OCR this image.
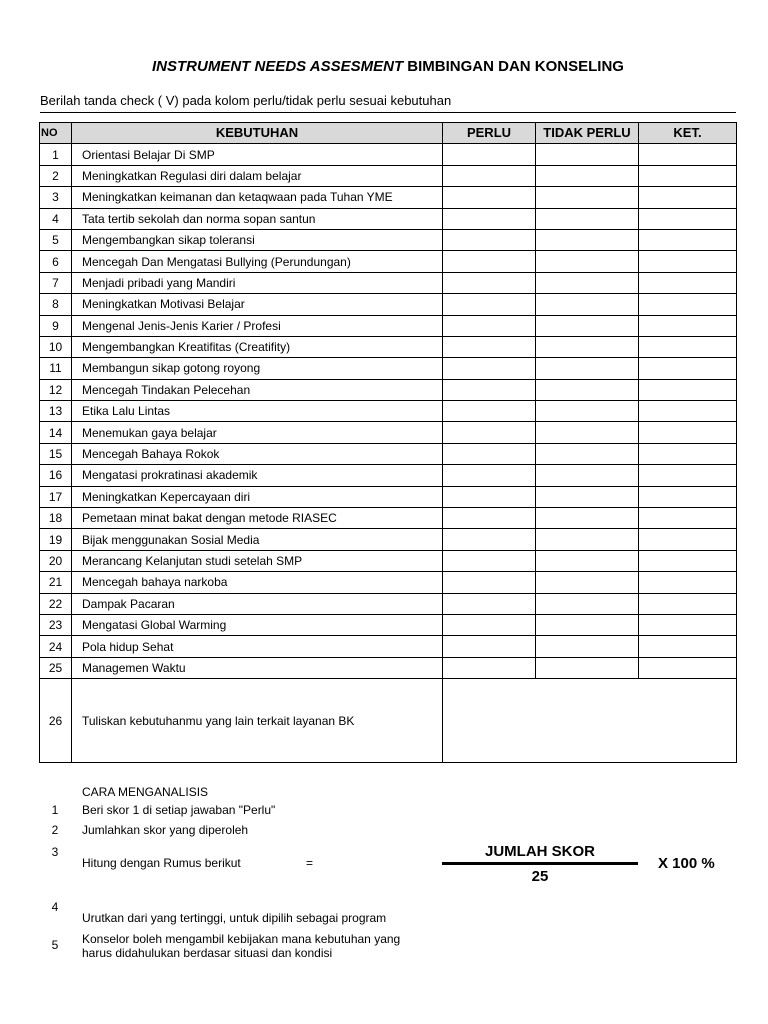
INSTRUMENT NEEDS ASSESMENT BIMBINGAN DAN KONSELING
Berilah tanda check ( V) pada kolom perlu/tidak perlu sesuai kebutuhan
NO	KEBUTUHAN	PERLU	TIDAK PERLU	KET.
1	Orientasi Belajar Di SMP			
2	Meningkatkan Regulasi diri dalam belajar			
3	Meningkatkan keimanan dan ketaqwaan pada Tuhan YME			
4	Tata tertib sekolah dan norma sopan santun			
5	Mengembangkan sikap toleransi			
6	Mencegah Dan Mengatasi Bullying (Perundungan)			
7	Menjadi pribadi yang Mandiri			
8	Meningkatkan Motivasi Belajar			
9	Mengenal Jenis-Jenis Karier / Profesi			
10	Mengembangkan Kreatifitas (Creatifity)			
11	Membangun sikap gotong royong			
12	Mencegah Tindakan Pelecehan			
13	Etika Lalu Lintas			
14	Menemukan gaya belajar			
15	Mencegah Bahaya Rokok			
16	Mengatasi prokratinasi akademik			
17	Meningkatkan Kepercayaan diri			
18	Pemetaan minat bakat dengan metode RIASEC			
19	Bijak menggunakan Sosial Media			
20	Merancang Kelanjutan studi setelah SMP			
21	Mencegah bahaya narkoba			
22	Dampak Pacaran			
23	Mengatasi Global Warming			
24	Pola hidup Sehat			
25	Managemen Waktu			
26	Tuliskan kebutuhanmu yang lain terkait layanan BK			
CARA MENGANALISIS
1	Beri skor 1 di setiap jawaban "Perlu"
2	Jumlahkan skor yang diperoleh
3
Hitung dengan Rumus berikut	=
JUMLAH SKOR
25
X 100 %
4
Urutkan dari yang tertinggi, untuk dipilih sebagai program
5	Konselor boleh mengambil kebijakan mana kebutuhan yang
harus didahulukan berdasar situasi dan kondisi
